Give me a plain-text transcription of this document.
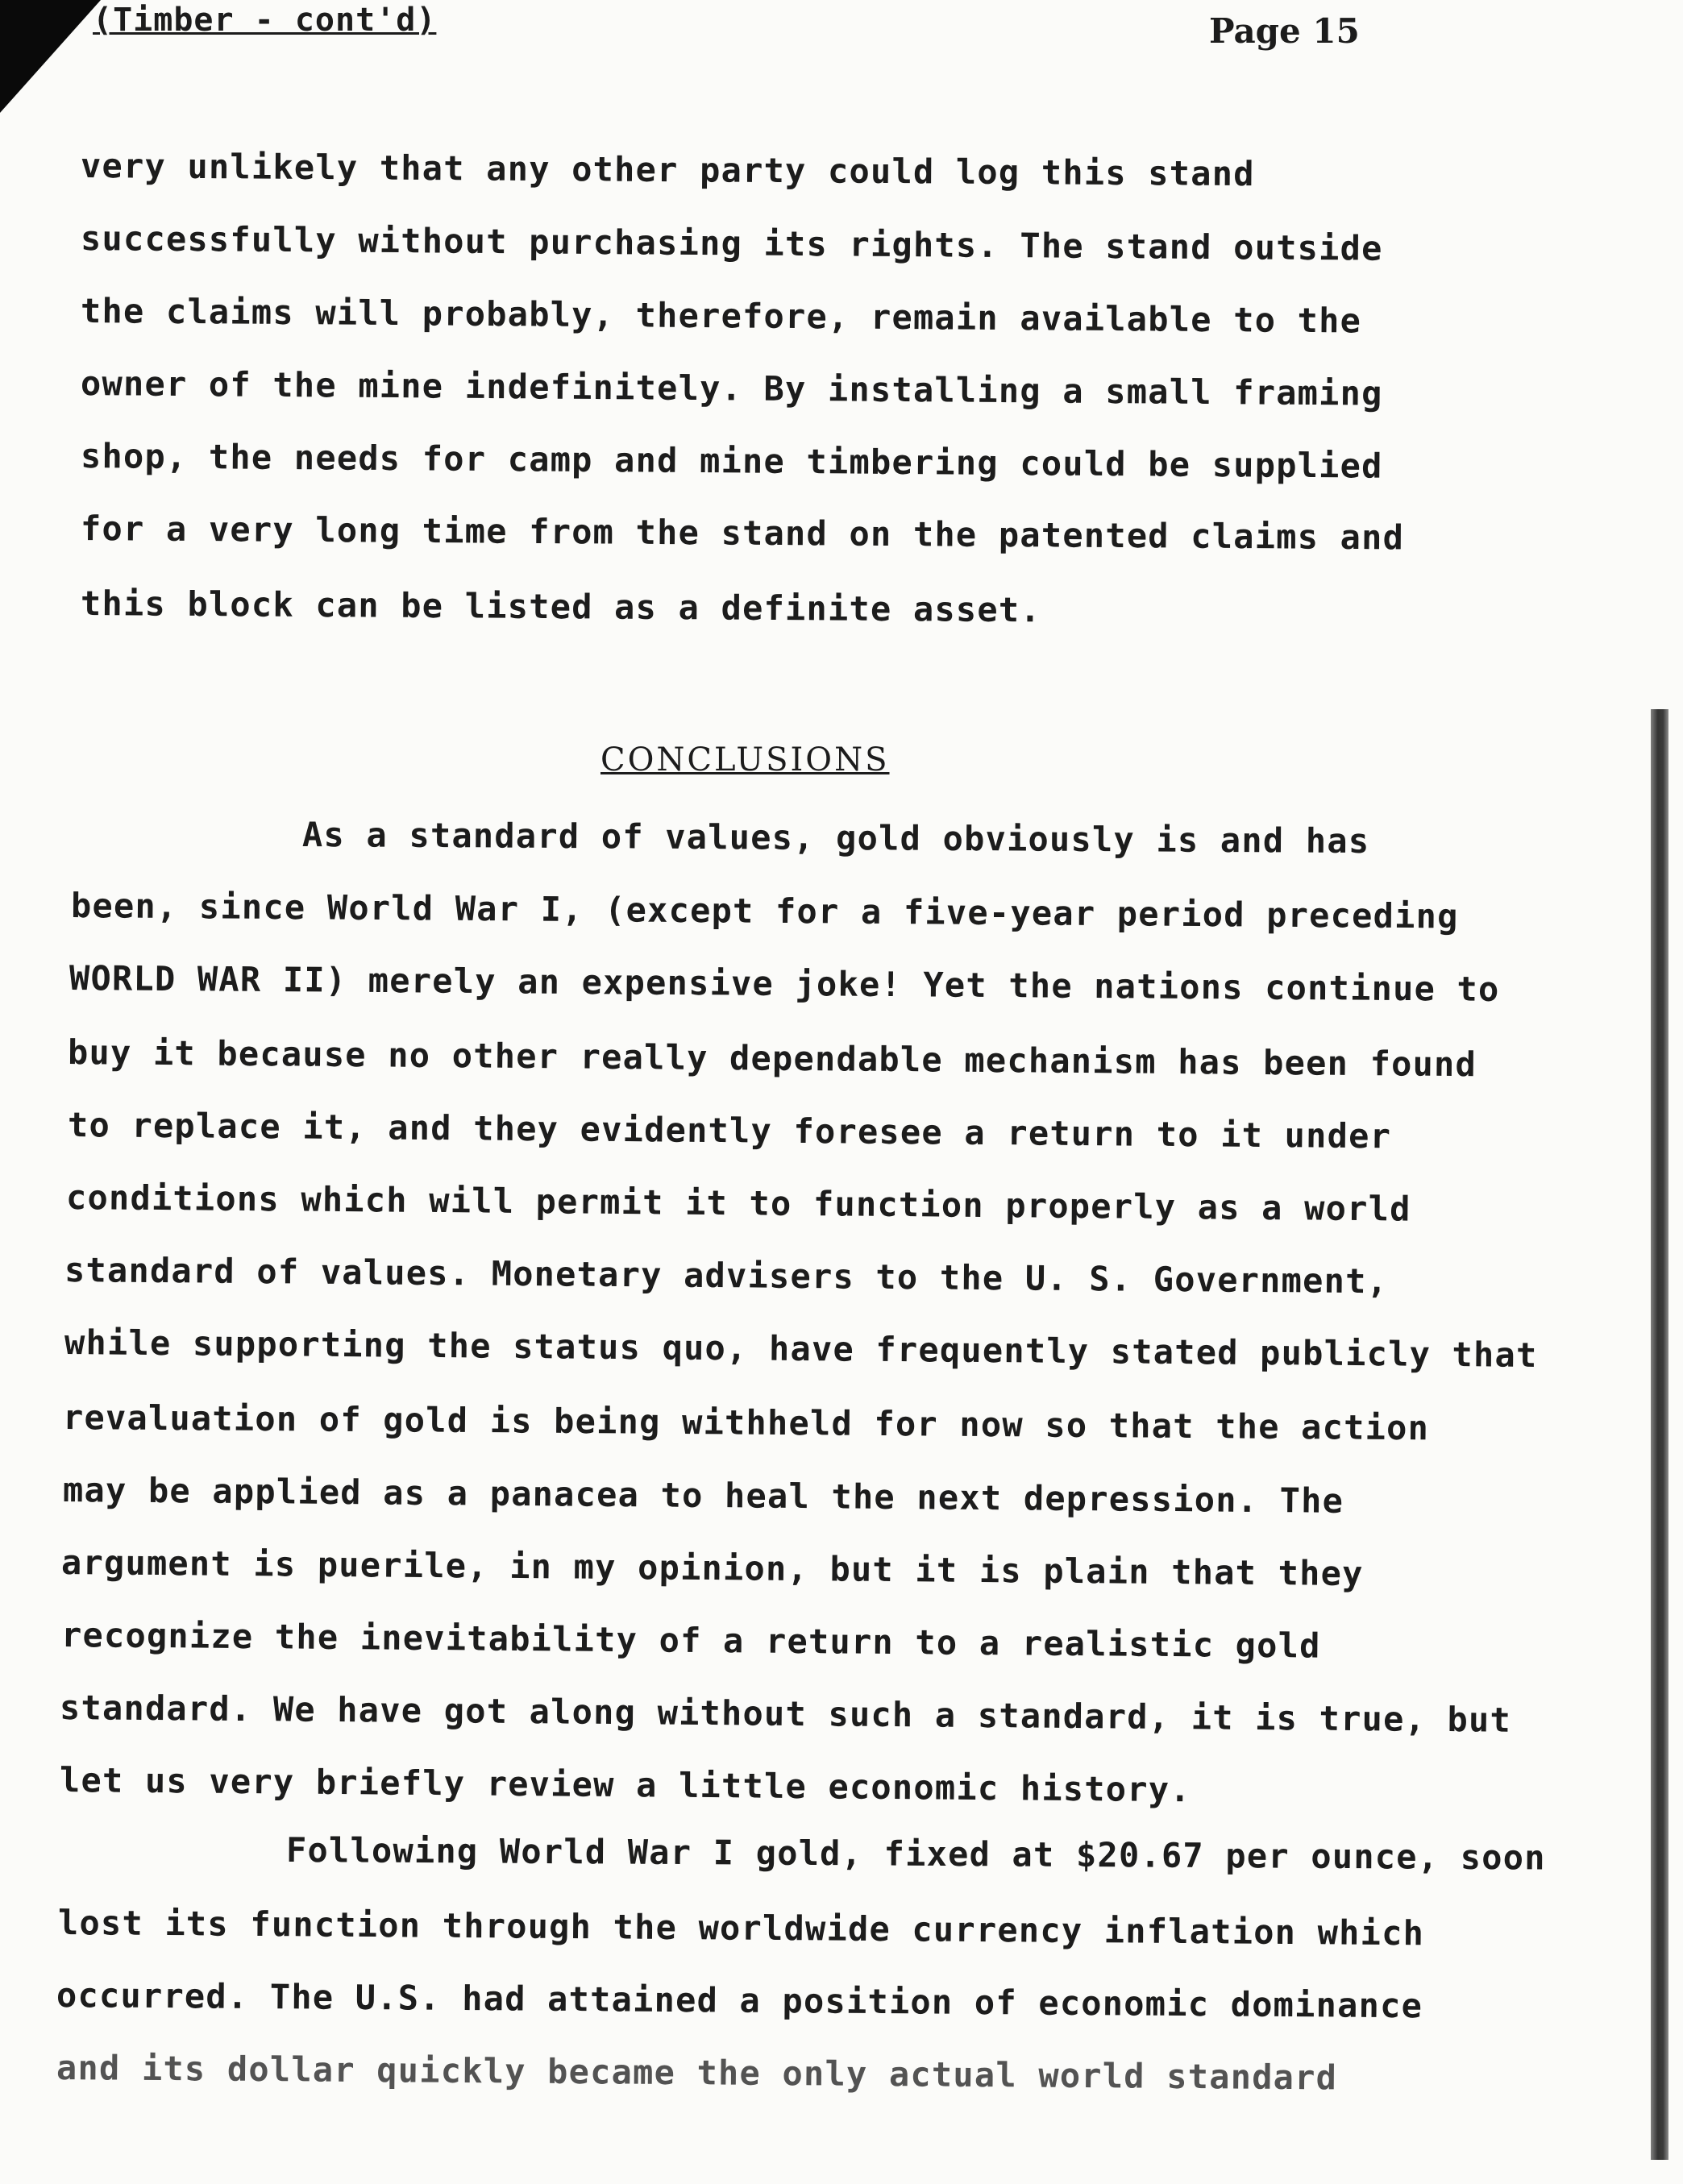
(Timber - cont'd)	Page 15
very unlikely that any other party could log this stand
successfully without purchasing its rights. The stand outside
the claims will probably, therefore, remain available to the
owner of the mine indefinitely. By installing a small framing
shop, the needs for camp and mine timbering could be supplied
for a very long time from the stand on the patented claims and
this block can be listed as a definite asset.
CONCLUSIONS
As a standard of values, gold obviously is and has
been, since World War I, (except for a five-year period preceding
WORLD WAR II) merely an expensive joke! Yet the nations continue to
buy it because no other really dependable mechanism has been found
to replace it, and they evidently foresee a return to it under
conditions which will permit it to function properly as a world
standard of values. Monetary advisers to the U. S. Government,
while supporting the status quo, have frequently stated publicly that
revaluation of gold is being withheld for now so that the action
may be applied as a panacea to heal the next depression. The
argument is puerile, in my opinion, but it is plain that they
recognize the inevitability of a return to a realistic gold
standard. We have got along without such a standard, it is true, but
let us very briefly review a little economic history.
Following World War I gold, fixed at $20.67 per ounce, soon
lost its function through the worldwide currency inflation which
occurred. The U.S. had attained a position of economic dominance
and its dollar quickly became the only actual world standard
